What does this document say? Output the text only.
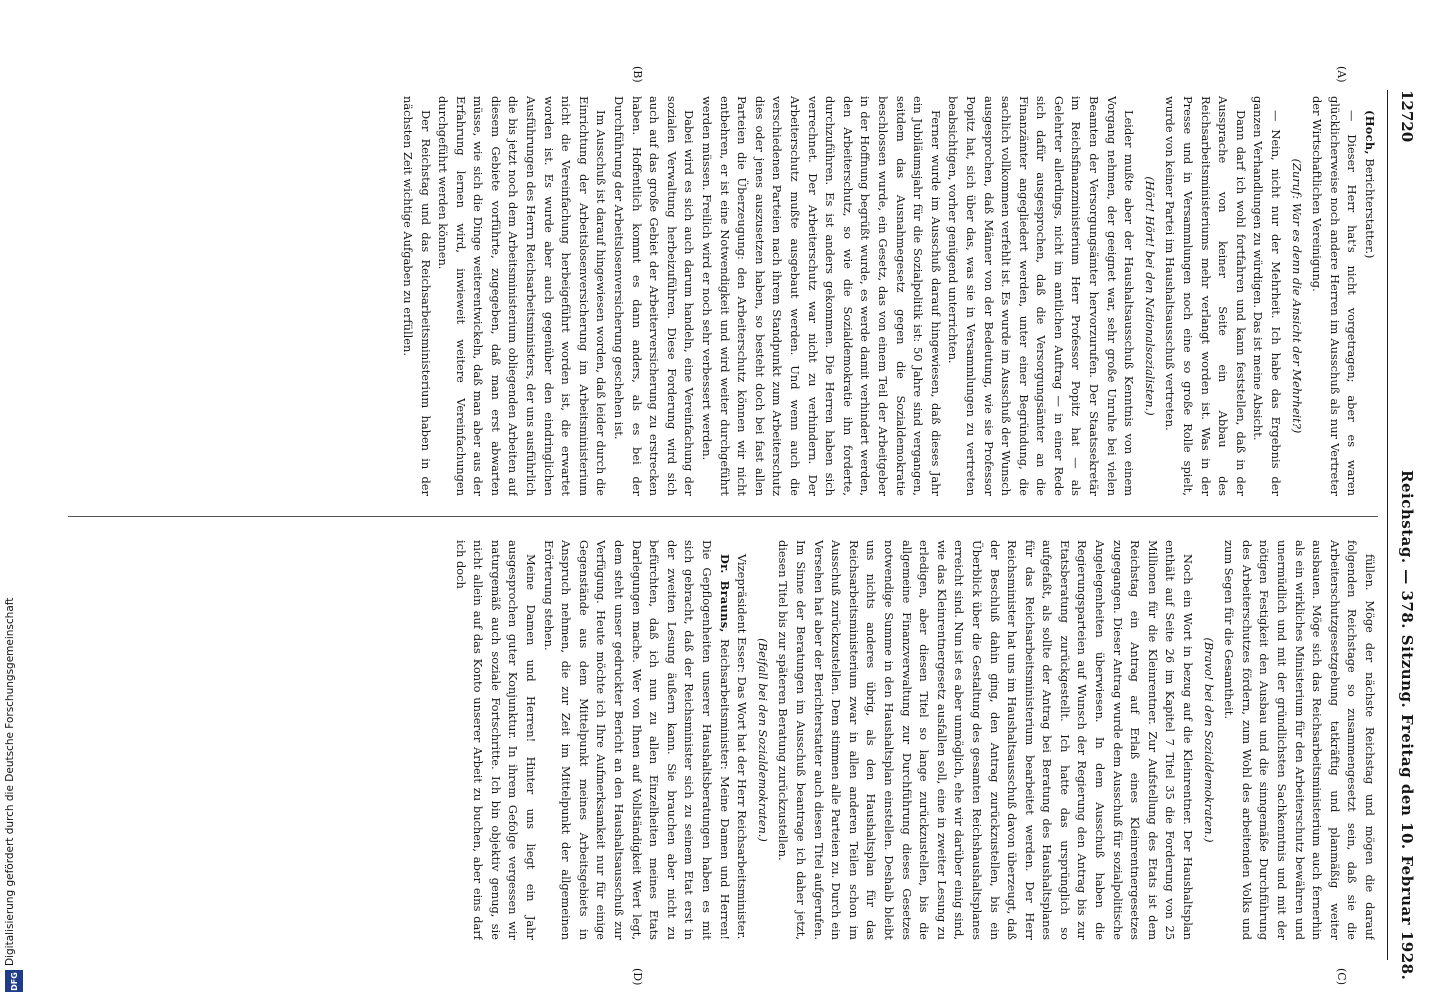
Digitalisierung gefördert durch die Deutsche Forschungsgemeinschaft
DFG
12720
Reichstag. — 378. Sitzung. Freitag den 10. Februar 1928.
(A)
(B)
(C)
(D)

(Hoch, Berichterstatter.)

— Dieser Herr hat's nicht vorgetragen; aber es waren glücklicherweise noch andere Herren im Ausschuß als nur Vertreter der Wirtschaftlichen Vereinigung.

(Zuruf: War es denn die Ansicht der Mehrheit?)

— Nein, nicht nur der Mehrheit. Ich habe das Ergebnis der ganzen Verhandlungen zu würdigen. Das ist meine Absicht.

Dann darf ich wohl fortfahren und kann feststellen, daß in der Aussprache von keiner Seite ein Abbau des Reichsarbeitsministeriums mehr verlangt worden ist. Was in der Presse und in Versammlungen noch eine so große Rolle spielt, wurde von keiner Partei im Haushaltsausschuß vertreten.

(Hört! Hört! bei den Nationalsozialisten.)

Leider mußte aber der Haushaltsausschuß Kenntnis von einem Vorgang nehmen, der geeignet war, sehr große Unruhe bei vielen Beamten der Versorgungsämter hervorzurufen. Der Staatssekretär im Reichsfinanzministerium Herr Professor Popitz hat — als Gelehrter allerdings, nicht im amtlichen Auftrag — in einer Rede sich dafür ausgesprochen, daß die Versorgungsämter an die Finanzämter angegliedert werden, unter einer Begründung, die sachlich vollkommen verfehlt ist. Es wurde im Ausschuß der Wunsch ausgesprochen, daß Männer von der Bedeutung, wie sie Professor Popitz hat, sich über das, was sie in Versammlungen zu vertreten beabsichtigen, vorher genügend unterrichten.

Ferner wurde im Ausschuß darauf hingewiesen, daß dieses Jahr ein Jubiläumsjahr für die Sozialpolitik ist: 50 Jahre sind vergangen, seitdem das Ausnahmegesetz gegen die Sozialdemokratie beschlossen wurde, ein Gesetz, das von einem Teil der Arbeitgeber in der Hoffnung begrüßt wurde, es werde damit verhindert werden, den Arbeiterschutz, so wie die Sozialdemokratie ihn forderte, durchzuführen. Es ist anders gekommen. Die Herren haben sich verrechnet. Der Arbeiterschutz war nicht zu verhindern. Der Arbeiterschutz mußte ausgebaut werden. Und wenn auch die verschiedenen Parteien nach ihrem Standpunkt zum Arbeiterschutz dies oder jenes auszusetzen haben, so besteht doch bei fast allen Parteien die Überzeugung: den Arbeiterschutz können wir nicht entbehren, er ist eine Notwendigkeit und wird weiter durchgeführt werden müssen. Freilich wird er noch sehr verbessert werden.

Dabei wird es sich auch darum handeln, eine Vereinfachung der sozialen Verwaltung herbeizuführen. Diese Forderung wird sich auch auf das große Gebiet der Arbeiterversicherung zu erstrecken haben. Hoffentlich kommt es dann anders, als es bei der Durchführung der Arbeitslosenversicherung geschehen ist.

Im Ausschuß ist darauf hingewiesen worden, daß leider durch die Einrichtung der Arbeitslosenversicherung im Arbeitsministerium nicht die Vereinfachung herbeigeführt worden ist, die erwartet worden ist. Es wurde aber auch gegenüber den eindringlichen Ausführungen des Herrn Reichsarbeitsministers, der uns ausführlich die bis jetzt noch dem Arbeitsministerium obliegenden Arbeiten auf diesem Gebiete vorführte, zugegeben, daß man erst abwarten müsse, wie sich die Dinge weiterentwickeln, daß man aber aus der Erfahrung lernen wird, inwieweit weitere Vereinfachungen durchgeführt werden können.

Der Reichstag und das Reichsarbeitsministerium haben in der nächsten Zeit wichtige Aufgaben zu erfüllen.

füllen. Möge der nächste Reichstag und mögen die darauf folgenden Reichstage so zusammengesetzt sein, daß sie die Arbeiterschutzgesetzgebung tatkräftig und planmäßig weiter ausbauen. Möge sich das Reichsarbeitsministerium auch fernerhin als ein wirkliches Ministerium für den Arbeiterschutz bewähren und unermüdlich und mit der gründlichsten Sachkenntnis und mit der nötigen Festigkeit den Ausbau und die sinngemäße Durchführung des Arbeiterschutzes fördern, zum Wohl des arbeitenden Volks und zum Segen für die Gesamtheit.

(Bravo! bei den Sozialdemokraten.)

Noch ein Wort in bezug auf die Kleinrentner. Der Haushaltsplan enthält auf Seite 26 im Kapitel 7 Titel 35 die Forderung von 25 Millionen für die Kleinrentner. Zur Aufstellung des Etats ist dem Reichstag ein Antrag auf Erlaß eines Kleinrentnergesetzes zugegangen. Dieser Antrag wurde dem Ausschuß für sozialpolitische Angelegenheiten überwiesen. In dem Ausschuß haben die Regierungsparteien auf Wunsch der Regierung den Antrag bis zur Etatsberatung zurückgestellt. Ich hatte das ursprünglich so aufgefaßt, als sollte der Antrag bei Beratung des Haushaltsplanes für das Reichsarbeitsministerium bearbeitet werden. Der Herr Reichsminister hat uns im Haushaltsausschuß davon überzeugt, daß der Beschluß dahin ging, den Antrag zurückzustellen, bis ein Überblick über die Gestaltung des gesamten Reichshaushaltsplanes erreicht sind. Nun ist es aber unmöglich, ehe wir darüber einig sind, wie das Kleinrentnergesetz ausfallen soll, eine in zweiter Lesung zu erledigen, aber diesen Titel so lange zurückzustellen, bis die allgemeine Finanzverwaltung zur Durchführung dieses Gesetzes notwendige Summe in den Haushaltsplan einstellen. Deshalb bleibt uns nichts anderes übrig, als den Haushaltsplan für das Reichsarbeitsministerium zwar in allen anderen Teilen schon im Ausschuß zurückzustellen. Dem stimmen alle Parteien zu. Durch ein Versehen hat aber der Berichterstatter auch diesen Titel aufgerufen. Im Sinne der Beratungen im Ausschuß beantrage ich daher jetzt, diesen Titel bis zur späteren Beratung zurückzustellen.

(Beifall bei den Sozialdemokraten.)

Vizepräsident Esser: Das Wort hat der Herr Reichsarbeitsminister.

Dr. Brauns, Reichsarbeitsminister: Meine Damen und Herren! Die Gepflogenheiten unserer Haushaltsberatungen haben es mit sich gebracht, daß der Reichsminister sich zu seinem Etat erst in der zweiten Lesung äußern kann. Sie brauchen aber nicht zu befürchten, daß ich nun zu allen Einzelheiten meines Etats Darlegungen mache. Wer von Ihnen auf Vollständigkeit Wert legt, dem steht unser gedruckter Bericht an den Haushaltsausschuß zur Verfügung. Heute möchte ich Ihre Aufmerksamkeit nur für einige Gegenstände aus dem Mittelpunkt meines Arbeitsgebiets in Anspruch nehmen, die zur Zeit im Mittelpunkt der allgemeinen Erörterung stehen.

Meine Damen und Herren! Hinter uns liegt ein Jahr ausgesprochen guter Konjunktur. In ihrem Gefolge vergessen wir naturgemäß auch soziale Fortschritte. Ich bin objektiv genug, sie nicht allein auf das Konto unserer Arbeit zu buchen, aber eins darf ich doch
